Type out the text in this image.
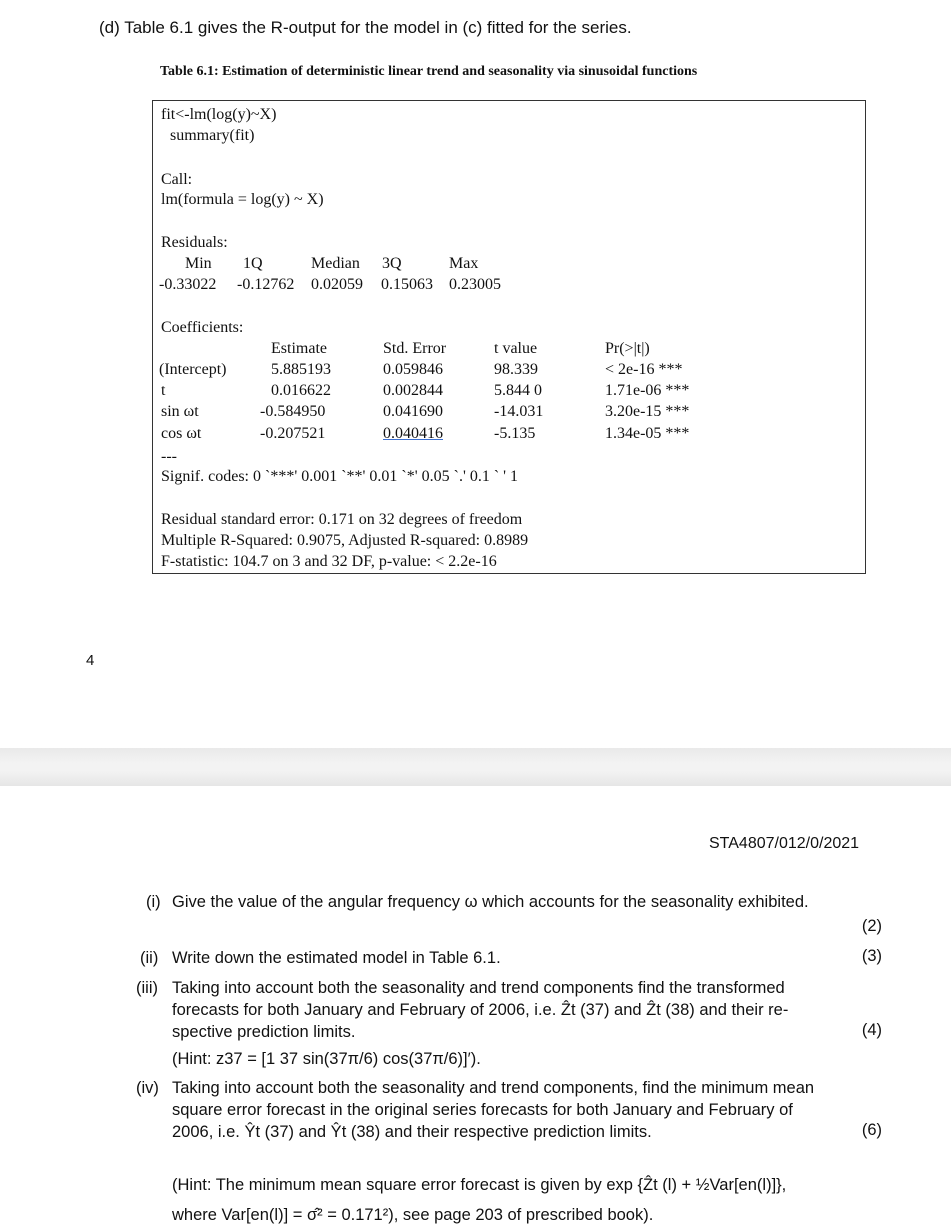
(d) Table 6.1 gives the R-output for the model in (c) fitted for the series.
Table 6.1: Estimation of deterministic linear trend and seasonality via sinusoidal functions
fit<-lm(log(y)~X)
summary(fit)
Call:
lm(formula = log(y) ~ X)
Residuals:
Min 1Q	Median 3Q	Max
-0.33022 -0.12762 0.02059 0.15063 0.23005
Coefficients:
Estimate	Std. Error	t value	Pr(>|t|)
(Intercept)	5.885193	0.059846	98.339	< 2e-16 ***
t	0.016622	0.002844	5.844 0	1.71e-06 ***
sin ωt	-0.584950	0.041690	-14.031	3.20e-15 ***
cos ωt	-0.207521	0.040416	-5.135	1.34e-05 ***
---
Signif. codes: 0 `***' 0.001 `**' 0.01 `*' 0.05 `.' 0.1 ` ' 1
Residual standard error: 0.171 on 32 degrees of freedom
Multiple R-Squared: 0.9075, Adjusted R-squared: 0.8989
F-statistic: 104.7 on 3 and 32 DF, p-value: < 2.2e-16
4
STA4807/012/0/2021
(i) Give the value of the angular frequency ω which accounts for the seasonality exhibited.
(2)
(ii) Write down the estimated model in Table 6.1.	(3)
(iii) Taking into account both the seasonality and trend components find the transformed
forecasts for both January and February of 2006, i.e. Ẑt (37) and Ẑt (38) and their re-
spective prediction limits.	(4)
(Hint: z37 = [1 37 sin(37π/6) cos(37π/6)]′).
(iv) Taking into account both the seasonality and trend components, find the minimum mean
square error forecast in the original series forecasts for both January and February of
2006, i.e. Ŷt (37) and Ŷt (38) and their respective prediction limits.	(6)
(Hint: The minimum mean square error forecast is given by exp {Ẑt (l) + ½Var[en(l)]},
where Var[en(l)] = σ̂² = 0.171²), see page 203 of prescribed book).
